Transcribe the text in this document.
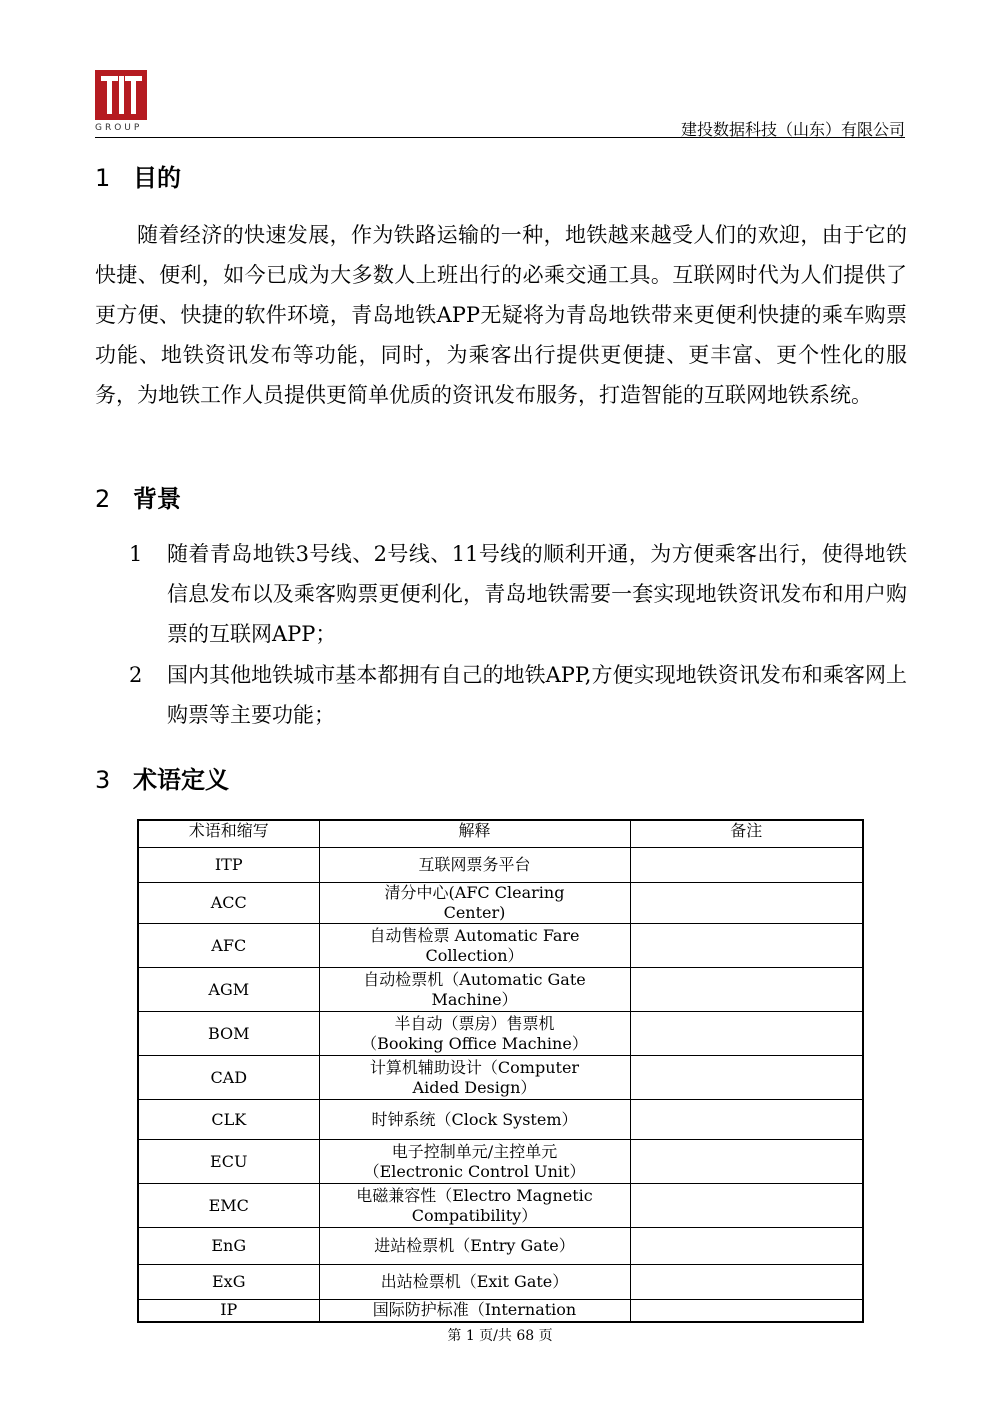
GROUP	建投数据科技（山东）有限公司
1 目的
随着经济的快速发展，作为铁路运输的一种，地铁越来越受人们的欢迎，由于它的快捷、便利，如今已成为大多数人上班出行的必乘交通工具。互联网时代为人们提供了更方便、快捷的软件环境，青岛地铁APP无疑将为青岛地铁带来更便利快捷的乘车购票功能、地铁资讯发布等功能，同时，为乘客出行提供更便捷、更丰富、更个性化的服务，为地铁工作人员提供更简单优质的资讯发布服务，打造智能的互联网地铁系统。
2 背景
1 随着青岛地铁3号线、2号线、11号线的顺利开通，为方便乘客出行，使得地铁信息发布以及乘客购票更便利化，青岛地铁需要一套实现地铁资讯发布和用户购票的互联网APP；
2 国内其他地铁城市基本都拥有自己的地铁APP,方便实现地铁资讯发布和乘客网上购票等主要功能；
3 术语定义
术语和缩写	解释	备注
ITP	互联网票务平台	
ACC	清分中心(AFC Clearing Center)	
AFC	自动售检票 Automatic Fare Collection）	
AGM	自动检票机（Automatic Gate Machine）	
BOM	半自动（票房）售票机（Booking Office Machine）	
CAD	计算机辅助设计（Computer Aided Design）	
CLK	时钟系统（Clock System）	
ECU	电子控制单元/主控单元（Electronic Control Unit）	
EMC	电磁兼容性（Electro Magnetic Compatibility）	
EnG	进站检票机（Entry Gate）	
ExG	出站检票机（Exit Gate）	
IP	国际防护标准（Internation	
第 1 页/共 68 页
